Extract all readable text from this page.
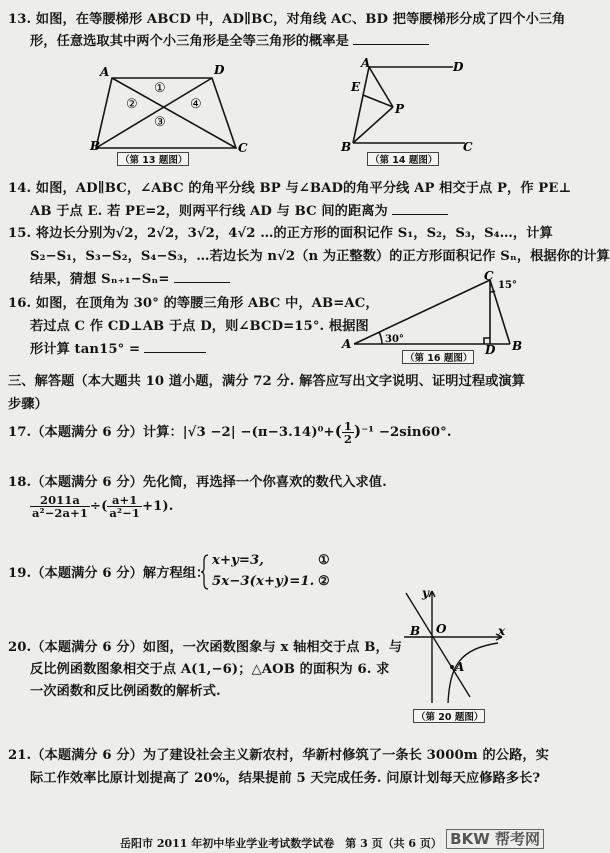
13. 如图，在等腰梯形 ABCD 中，AD∥BC，对角线 AC、BD 把等腰梯形分成了四个小三角
形，任意选取其中两个小三角形是全等三角形的概率是
A	D
B	C
①
②
③
④
（第 13 题图）
A	D
E
P
B	C
（第 14 题图）
14. 如图，AD∥BC，∠ABC 的角平分线 BP 与∠BAD的角平分线 AP 相交于点 P，作 PE⊥
AB 于点 E. 若 PE=2，则两平行线 AD 与 BC 间的距离为
15. 将边长分别为√2，2√2，3√2，4√2 …的正方形的面积记作 S₁，S₂，S₃，S₄…，计算
S₂−S₁，S₃−S₂，S₄−S₃，…若边长为 n√2（n 为正整数）的正方形面积记作 Sₙ，根据你的计算
结果，猜想 Sₙ₊₁−Sₙ=
16. 如图，在顶角为 30° 的等腰三角形 ABC 中，AB=AC，
若过点 C 作 CD⊥AB 于点 D，则∠BCD=15°. 根据图
形计算 tan15° =	A	30°
C
15°
D B
（第 16 题图）
三、解答题（本大题共 10 道小题，满分 72 分. 解答应写出文字说明、证明过程或演算
步骤）
17.（本题满分 6 分）计算：$|√3 -2| -(\pi-3.14)^0+( \frac{1}{2} )^{-1} -2\sin 60^\circ$.
18.（本题满分 6 分）先化简，再选择一个你喜欢的数代入求值.
$\frac{2011a}{\text{a²−2a+1}}$ ÷( $\frac{a+1}{\text{a²−1}} +1$).
19.（本题满分 6 分）解方程组：
x+y=3,
5x−3(x+y)=1.
①
②
y
x
O
B
A
（第 20 题图）
20.（本题满分 6 分）如图，一次函数图象与 x 轴相交于点 B，与
反比例函数图象相交于点 A(1,−6)；△AOB 的面积为 6. 求
一次函数和反比例函数的解析式.
21.（本题满分 6 分）为了建设社会主义新农村，华新村修筑了一条长 3000m 的公路，实
际工作效率比原计划提高了 20%，结果提前 5 天完成任务. 问原计划每天应修路多长?
岳阳市 2011 年初中毕业学业考试数学试卷　第 3 页（共 6 页） BKW 帮考网
